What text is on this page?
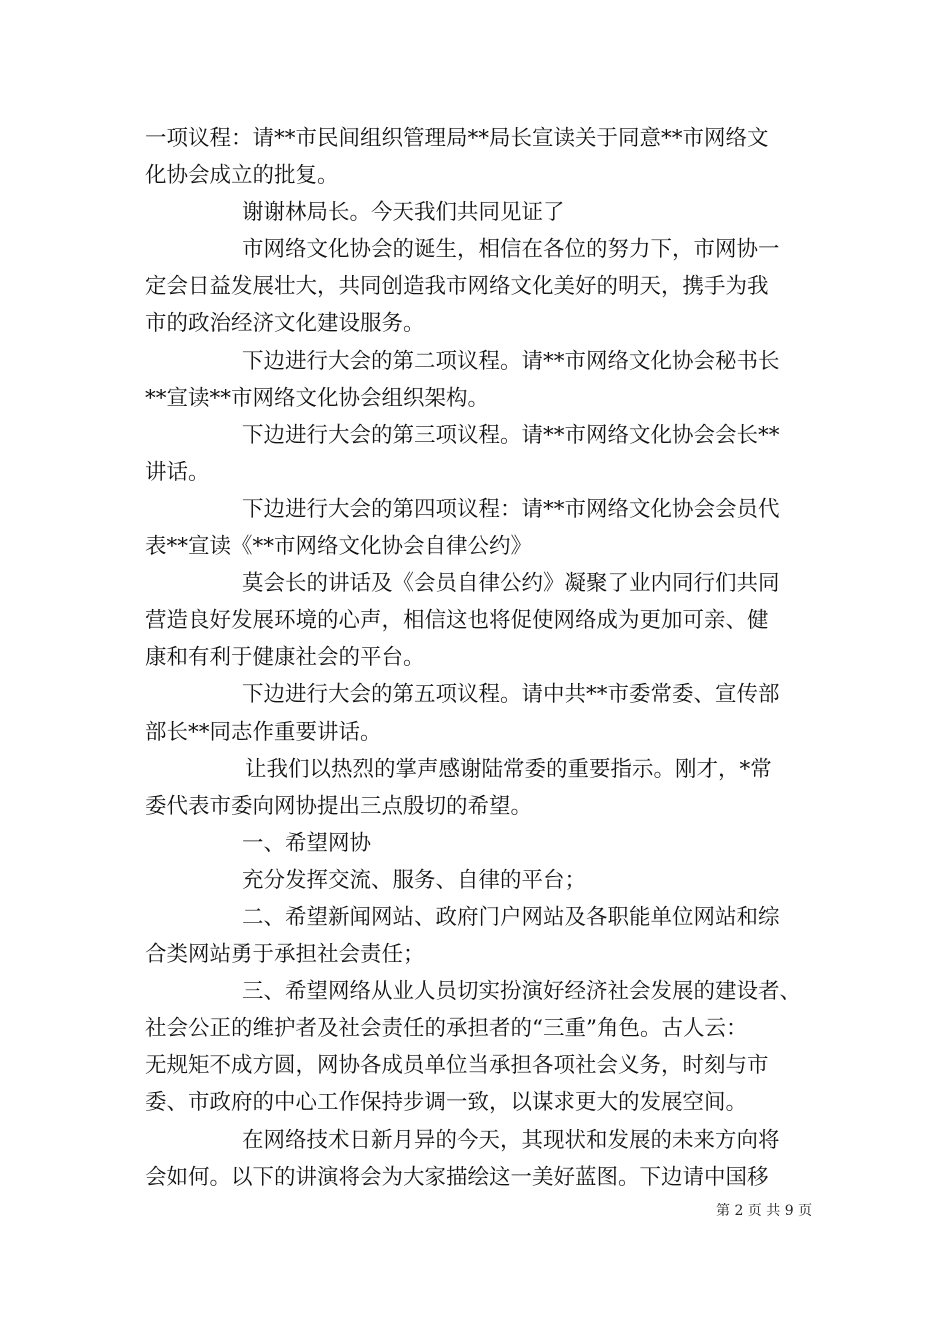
一项议程：请**市民间组织管理局**局长宣读关于同意**市网络文
化协会成立的批复。
谢谢林局长。今天我们共同见证了
市网络文化协会的诞生，相信在各位的努力下，市网协一
定会日益发展壮大，共同创造我市网络文化美好的明天，携手为我
市的政治经济文化建设服务。
下边进行大会的第二项议程。请**市网络文化协会秘书长
**宣读**市网络文化协会组织架构。
下边进行大会的第三项议程。请**市网络文化协会会长**
讲话。
下边进行大会的第四项议程：请**市网络文化协会会员代
表**宣读《**市网络文化协会自律公约》
莫会长的讲话及《会员自律公约》凝聚了业内同行们共同
营造良好发展环境的心声，相信这也将促使网络成为更加可亲、健
康和有利于健康社会的平台。
下边进行大会的第五项议程。请中共**市委常委、宣传部
部长**同志作重要讲话。
让我们以热烈的掌声感谢陆常委的重要指示。刚才，*常
委代表市委向网协提出三点殷切的希望。
一、希望网协
充分发挥交流、服务、自律的平台；
二、希望新闻网站、政府门户网站及各职能单位网站和综
合类网站勇于承担社会责任；
三、希望网络从业人员切实扮演好经济社会发展的建设者、
社会公正的维护者及社会责任的承担者的“三重”角色。古人云：
无规矩不成方圆，网协各成员单位当承担各项社会义务，时刻与市
委、市政府的中心工作保持步调一致，以谋求更大的发展空间。
在网络技术日新月异的今天，其现状和发展的未来方向将
会如何。以下的讲演将会为大家描绘这一美好蓝图。下边请中国移
第 2 页 共 9 页
